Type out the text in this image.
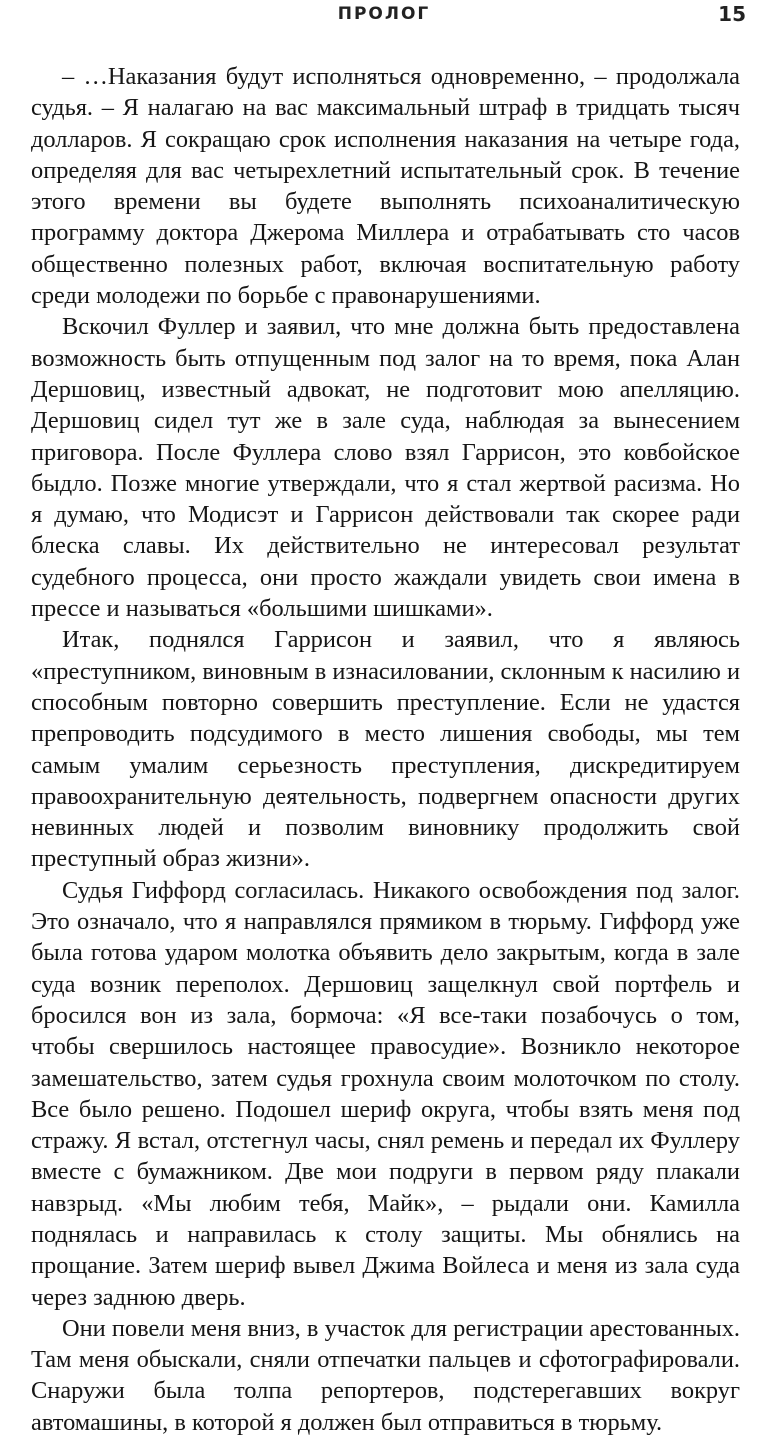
ПРОЛОГ	15

– …Наказания будут исполняться одновременно, – продолжала судья. – Я налагаю на вас максимальный штраф в тридцать тысяч долларов. Я сокращаю срок исполнения наказания на четыре года, определяя для вас четырехлетний испытательный срок. В течение этого времени вы будете выполнять психоаналитическую программу доктора Джерома Миллера и отрабатывать сто часов общественно полезных работ, включая воспитательную работу среди молодежи по борьбе с правонарушениями.

Вскочил Фуллер и заявил, что мне должна быть предоставлена возможность быть отпущенным под залог на то время, пока Алан Дершовиц, известный адвокат, не подготовит мою апелляцию. Дершовиц сидел тут же в зале суда, наблюдая за вынесением приговора. После Фуллера слово взял Гаррисон, это ковбойское быдло. Позже многие утверждали, что я стал жертвой расизма. Но я думаю, что Модисэт и Гаррисон действовали так скорее ради блеска славы. Их действительно не интересовал результат судебного процесса, они просто жаждали увидеть свои имена в прессе и называться «большими шишками».

Итак, поднялся Гаррисон и заявил, что я являюсь «преступником, виновным в изнасиловании, склонным к насилию и способным повторно совершить преступление. Если не удастся препроводить подсудимого в место лишения свободы, мы тем самым умалим серьезность преступления, дискредитируем правоохранительную деятельность, подвергнем опасности других невинных людей и позволим виновнику продолжить свой преступный образ жизни».

Судья Гиффорд согласилась. Никакого освобождения под залог. Это означало, что я направлялся прямиком в тюрьму. Гиффорд уже была готова ударом молотка объявить дело закрытым, когда в зале суда возник переполох. Дершовиц защелкнул свой портфель и бросился вон из зала, бормоча: «Я все-таки позабочусь о том, чтобы свершилось настоящее правосудие». Возникло некоторое замешательство, затем судья грохнула своим молоточком по столу. Все было решено. Подошел шериф округа, чтобы взять меня под стражу. Я встал, отстегнул часы, снял ремень и передал их Фуллеру вместе с бумажником. Две мои подруги в первом ряду плакали навзрыд. «Мы любим тебя, Майк», – рыдали они. Камилла поднялась и направилась к столу защиты. Мы обнялись на прощание. Затем шериф вывел Джима Войлеса и меня из зала суда через заднюю дверь.

Они повели меня вниз, в участок для регистрации арестованных. Там меня обыскали, сняли отпечатки пальцев и сфотографировали. Снаружи была толпа репортеров, подстерегавших вокруг автомашины, в которой я должен был отправиться в тюрьму.
